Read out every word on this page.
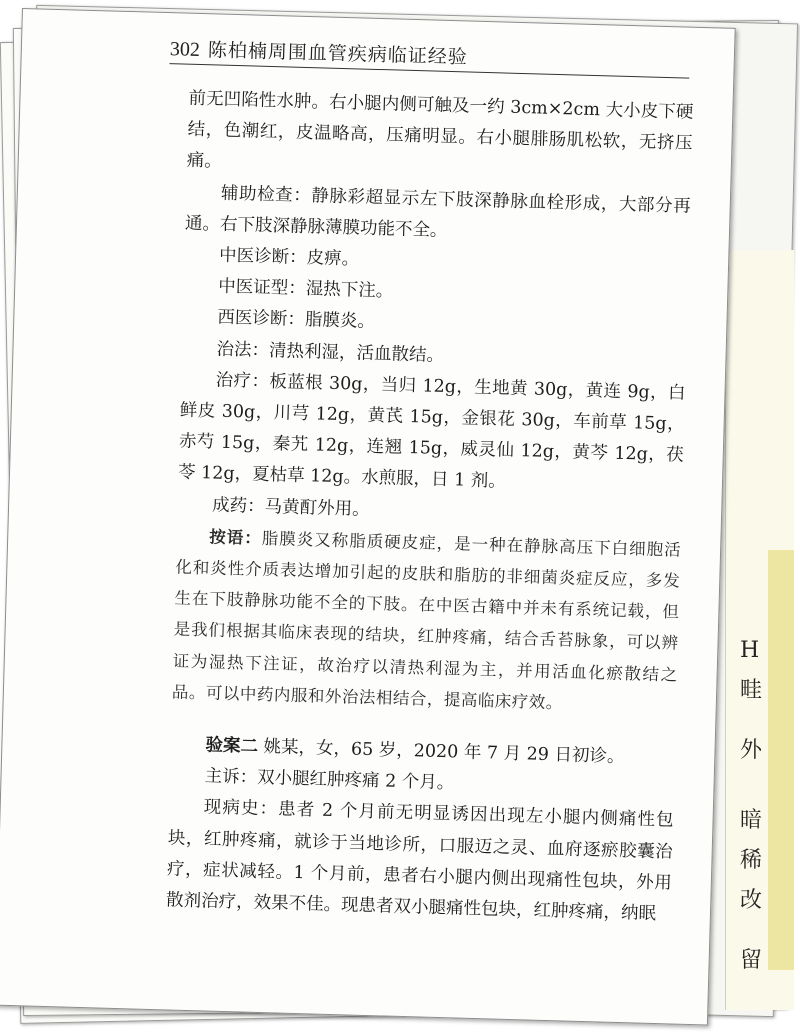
H
畦
外
暗
稀
改
留
302 陈柏楠周围血管疾病临证经验

前无凹陷性水肿。右小腿内侧可触及一约 3cm×2cm 大小皮下硬结，色潮红，皮温略高，压痛明显。右小腿腓肠肌松软，无挤压痛。

辅助检查：静脉彩超显示左下肢深静脉血栓形成，大部分再通。右下肢深静脉薄膜功能不全。

中医诊断：皮痹。

中医证型：湿热下注。

西医诊断：脂膜炎。

治法：清热利湿，活血散结。

治疗：板蓝根 30g，当归 12g，生地黄 30g，黄连 9g，白鲜皮 30g，川芎 12g，黄芪 15g，金银花 30g，车前草 15g，赤芍 15g，秦艽 12g，连翘 15g，威灵仙 12g，黄芩 12g，茯苓 12g，夏枯草 12g。水煎服，日 1 剂。

成药：马黄酊外用。

按语：脂膜炎又称脂质硬皮症，是一种在静脉高压下白细胞活化和炎性介质表达增加引起的皮肤和脂肪的非细菌炎症反应，多发生在下肢静脉功能不全的下肢。在中医古籍中并未有系统记载，但是我们根据其临床表现的结块，红肿疼痛，结合舌苔脉象，可以辨证为湿热下注证，故治疗以清热利湿为主，并用活血化瘀散结之品。可以中药内服和外治法相结合，提高临床疗效。

验案二 姚某，女，65 岁，2020 年 7 月 29 日初诊。

主诉：双小腿红肿疼痛 2 个月。

现病史：患者 2 个月前无明显诱因出现左小腿内侧痛性包块，红肿疼痛，就诊于当地诊所，口服迈之灵、血府逐瘀胶囊治疗，症状减轻。1 个月前，患者右小腿内侧出现痛性包块，外用散剂治疗，效果不佳。现患者双小腿痛性包块，红肿疼痛，纳眠
